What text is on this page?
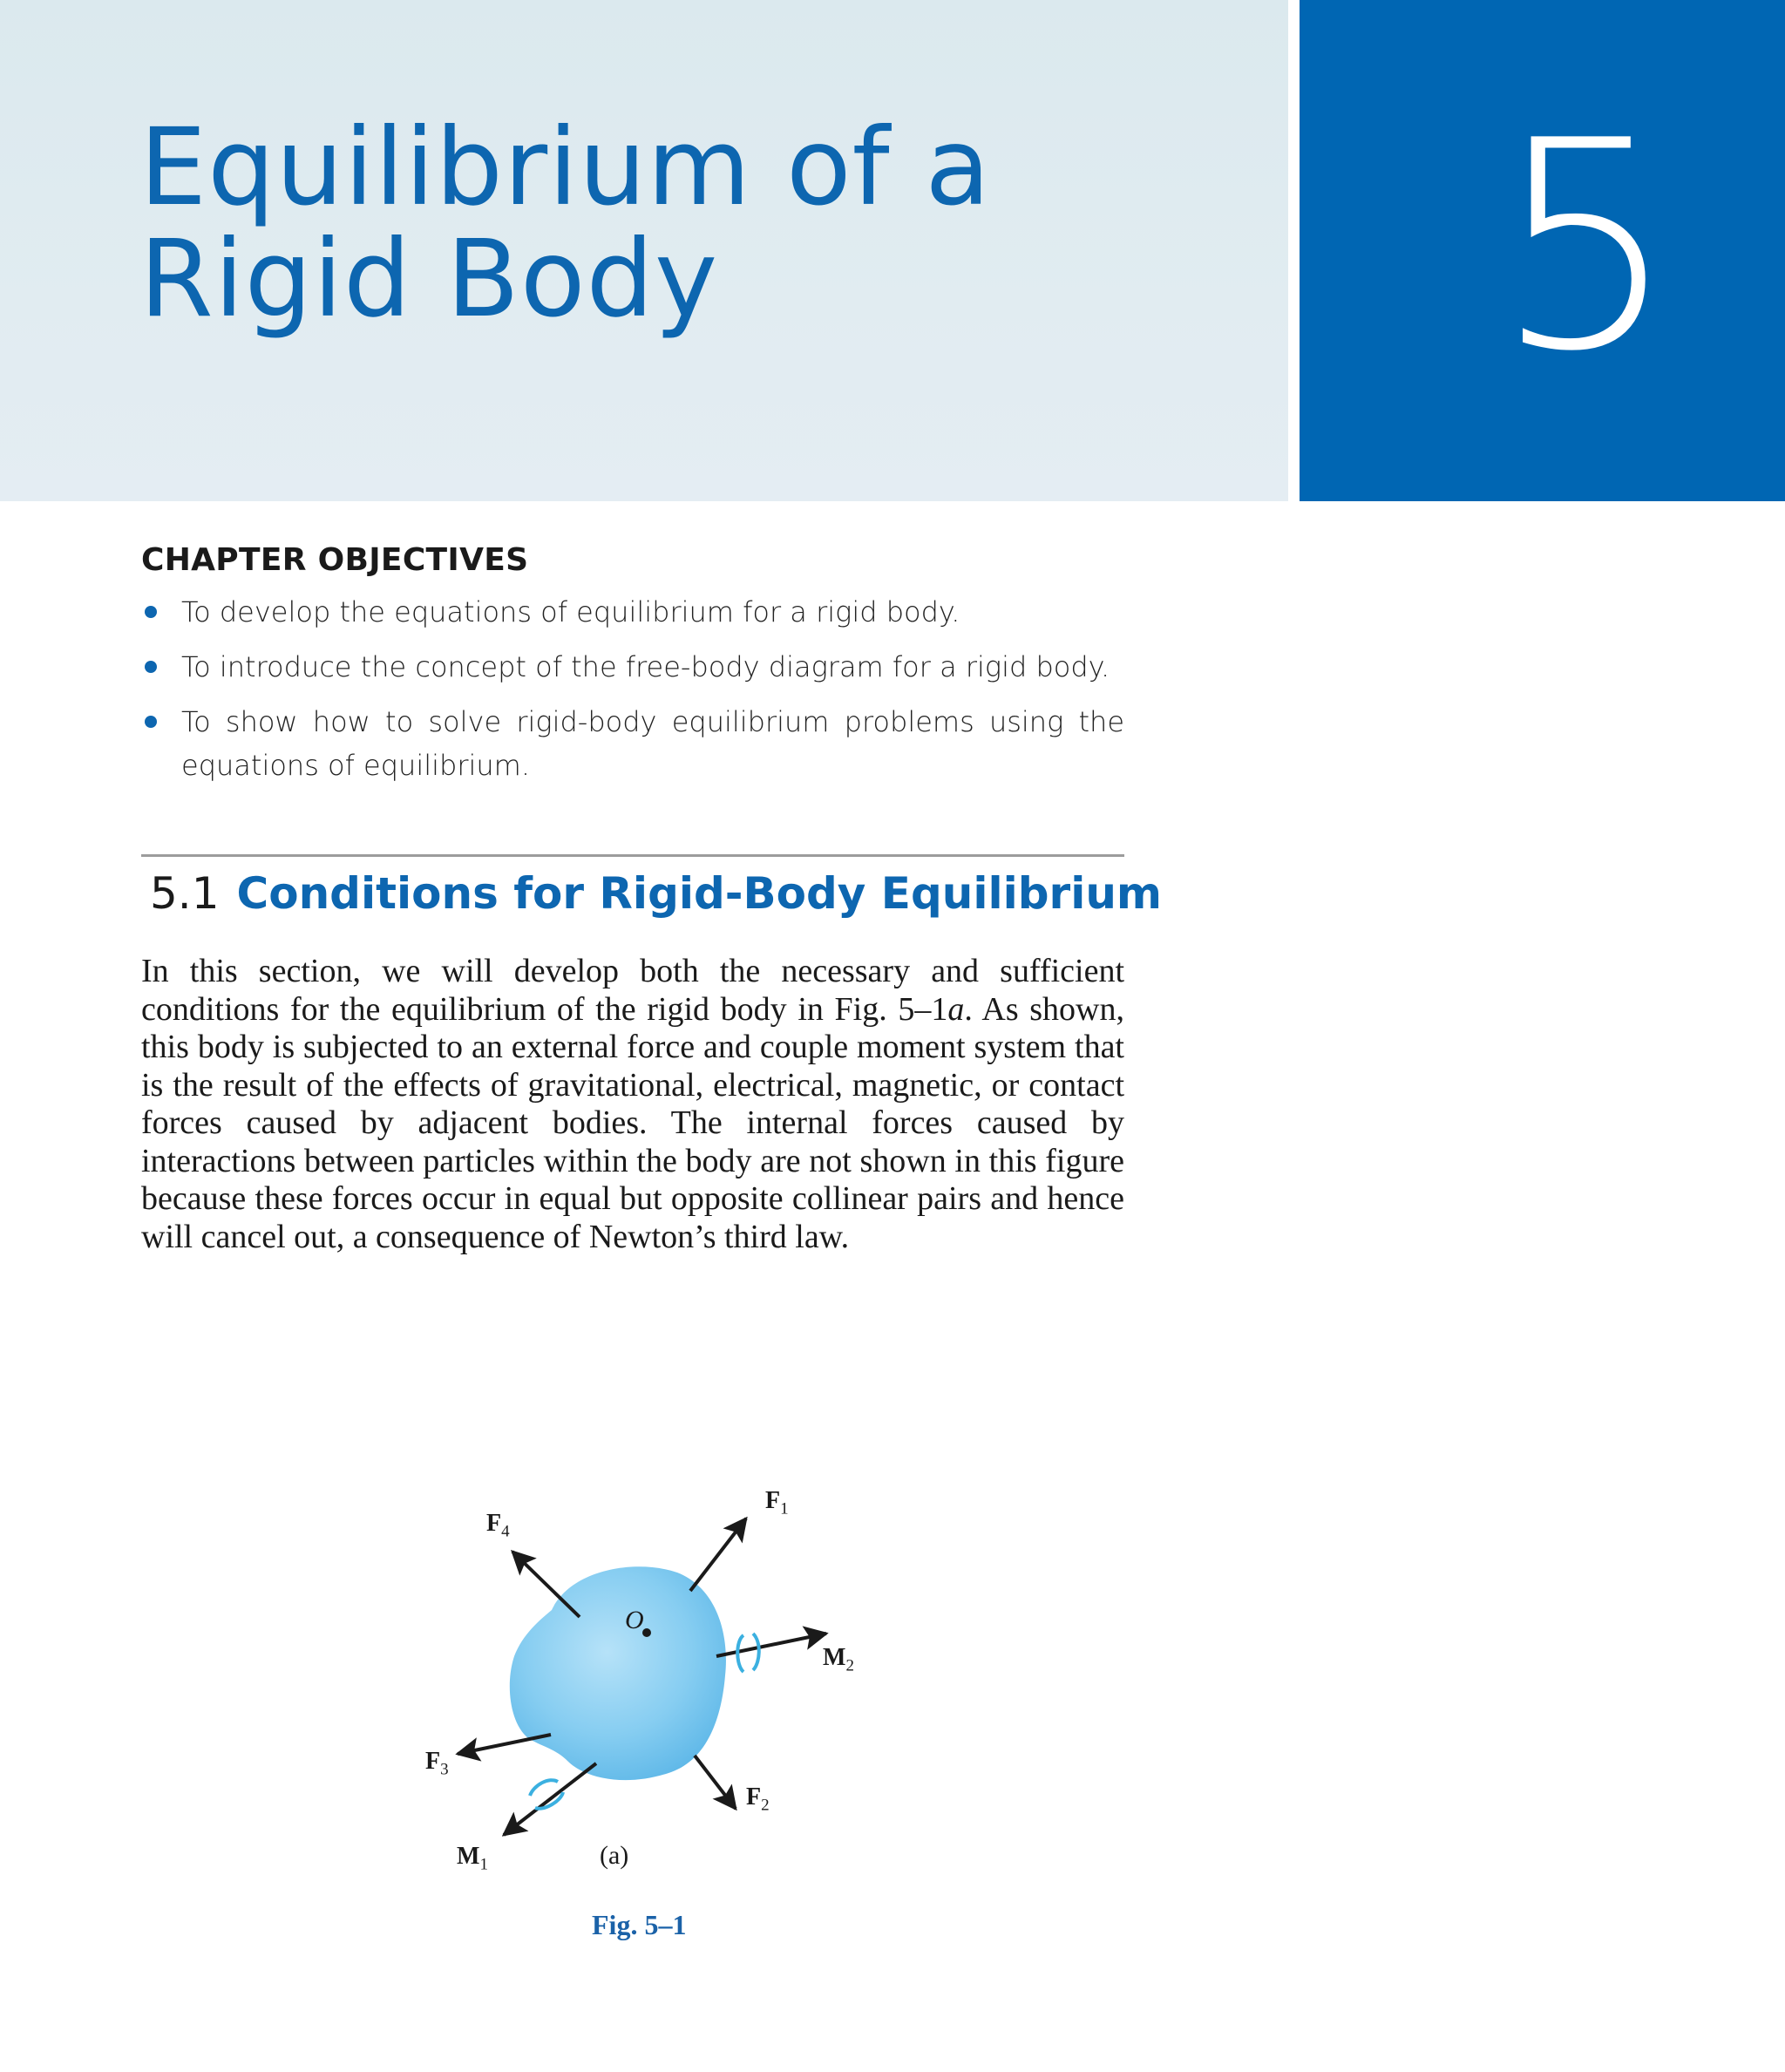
Equilibrium of a
Rigid Body	5
CHAPTER OBJECTIVES
To develop the equations of equilibrium for a rigid body.
To introduce the concept of the free-body diagram for a rigid body.
To show how to solve rigid-body equilibrium problems using the equations of equilibrium.
5.1 Conditions for Rigid-Body Equilibrium

In this section, we will develop both the necessary and sufficient conditions for the equilibrium of the rigid body in Fig. 5–1a. As shown, this body is subjected to an external force and couple moment system that is the result of the effects of gravitational, electrical, magnetic, or contact forces caused by adjacent bodies. The internal forces caused by interactions between particles within the body are not shown in this figure because these forces occur in equal but opposite collinear pairs and hence will cancel out, a consequence of Newton’s third law.

$F_1$
$F_4$
$M_2$
$F_3$
$F_2$
$M_1$
O
(a)
Fig. 5–1
